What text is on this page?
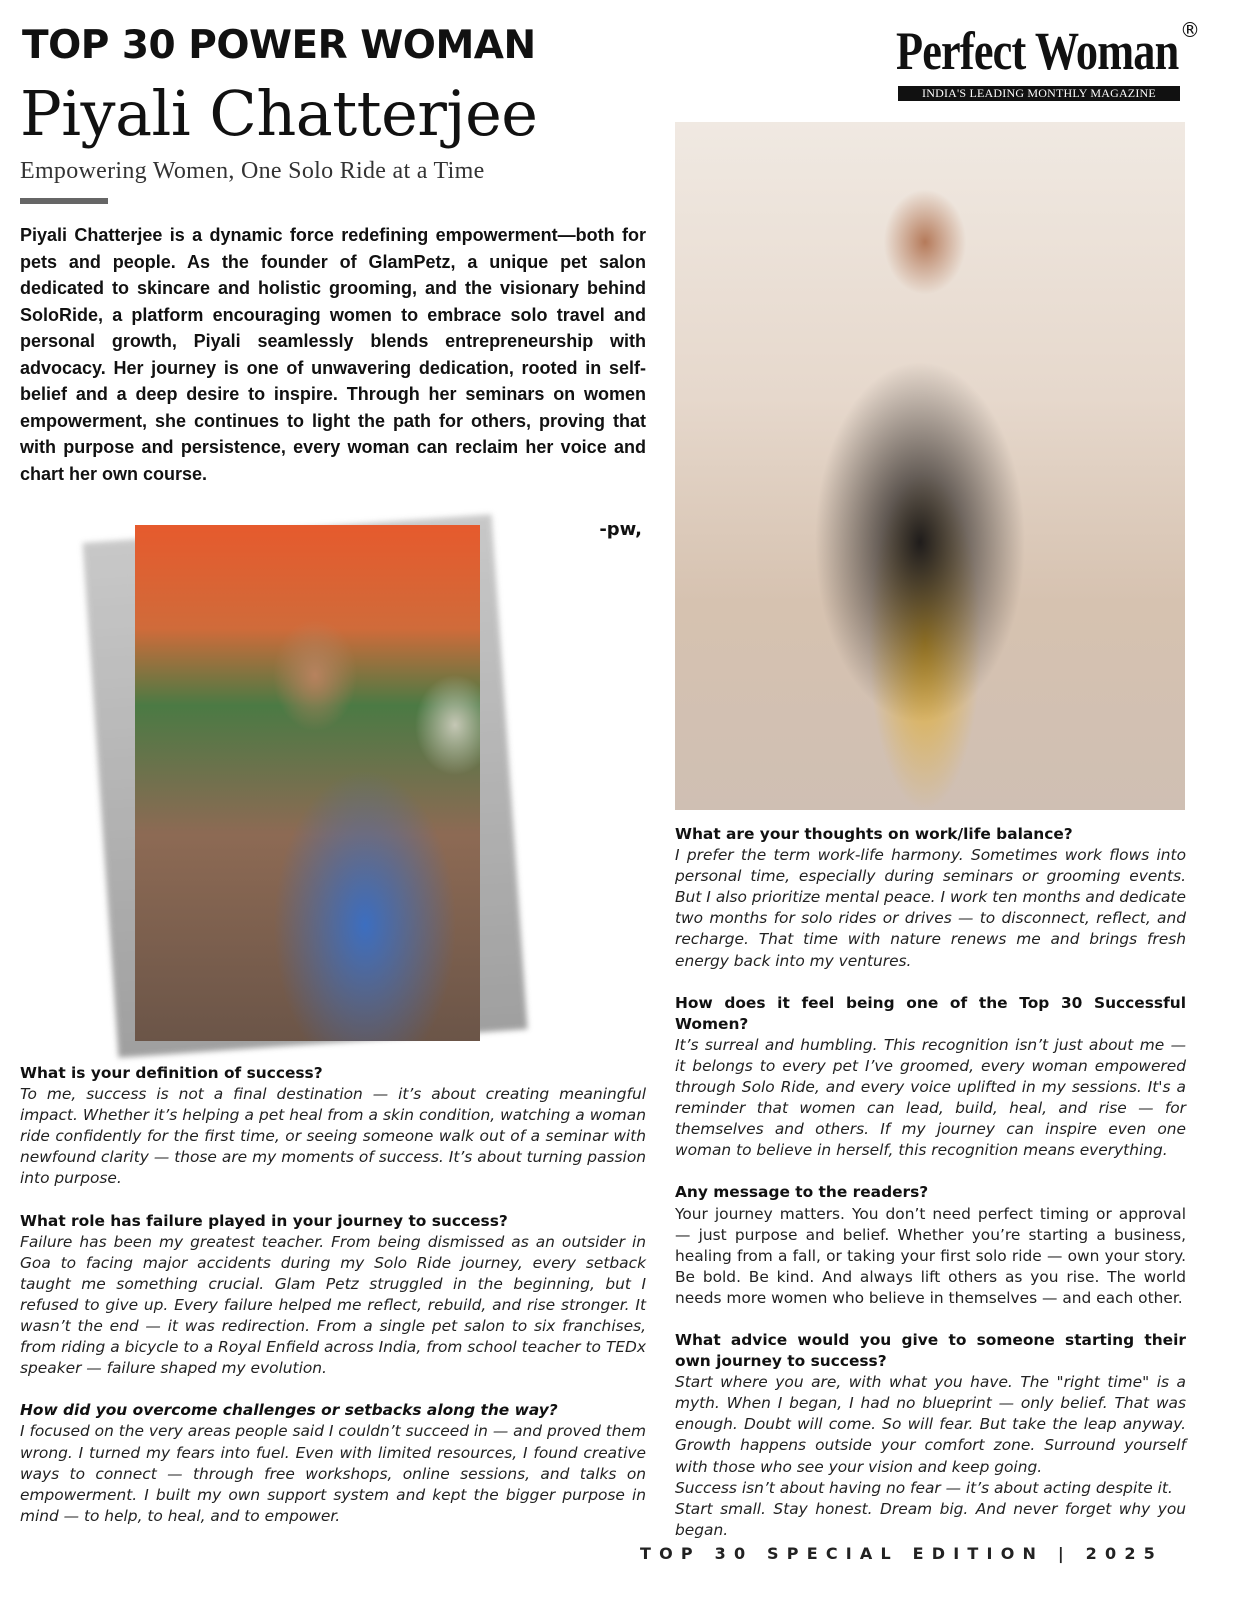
TOP 30 POWER WOMAN
Piyali Chatterjee
Empowering Women, One Solo Ride at a Time
Perfect Woman ®
INDIA'S LEADING MONTHLY MAGAZINE
Piyali Chatterjee is a dynamic force redefining empowerment—both for pets and people. As the founder of GlamPetz, a unique pet salon dedicated to skincare and holistic grooming, and the visionary behind SoloRide, a platform encouraging women to embrace solo travel and personal growth, Piyali seamlessly blends entrepreneurship with advocacy. Her journey is one of unwavering dedication, rooted in self-belief and a deep desire to inspire. Through her seminars on women empowerment, she continues to light the path for others, proving that with purpose and persistence, every woman can reclaim her voice and chart her own course.
-pw,
What is your definition of success?
To me, success is not a final destination — it’s about creating meaningful impact. Whether it’s helping a pet heal from a skin condition, watching a woman ride confidently for the first time, or seeing someone walk out of a seminar with newfound clarity — those are my moments of success. It’s about turning passion into purpose.
What role has failure played in your journey to success?
Failure has been my greatest teacher. From being dismissed as an outsider in Goa to facing major accidents during my Solo Ride journey, every setback taught me something crucial. Glam Petz struggled in the beginning, but I refused to give up. Every failure helped me reflect, rebuild, and rise stronger. It wasn’t the end — it was redirection. From a single pet salon to six franchises, from riding a bicycle to a Royal Enfield across India, from school teacher to TEDx speaker — failure shaped my evolution.
How did you overcome challenges or setbacks along the way?
I focused on the very areas people said I couldn’t succeed in — and proved them wrong. I turned my fears into fuel. Even with limited resources, I found creative ways to connect — through free workshops, online sessions, and talks on empowerment. I built my own support system and kept the bigger purpose in mind — to help, to heal, and to empower.
What are your thoughts on work/life balance?
I prefer the term work-life harmony. Sometimes work flows into personal time, especially during seminars or grooming events. But I also prioritize mental peace. I work ten months and dedicate two months for solo rides or drives — to disconnect, reflect, and recharge. That time with nature renews me and brings fresh energy back into my ventures.
How does it feel being one of the Top 30 Successful Women?
It’s surreal and humbling. This recognition isn’t just about me — it belongs to every pet I’ve groomed, every woman empowered through Solo Ride, and every voice uplifted in my sessions. It's a reminder that women can lead, build, heal, and rise — for themselves and others. If my journey can inspire even one woman to believe in herself, this recognition means everything.
Any message to the readers?
Your journey matters. You don’t need perfect timing or approval — just purpose and belief. Whether you’re starting a business, healing from a fall, or taking your first solo ride — own your story. Be bold. Be kind. And always lift others as you rise. The world needs more women who believe in themselves — and each other.
What advice would you give to someone starting their own journey to success?
Start where you are, with what you have. The "right time" is a myth. When I began, I had no blueprint — only belief. That was enough. Doubt will come. So will fear. But take the leap anyway. Growth happens outside your comfort zone. Surround yourself with those who see your vision and keep going.
Success isn’t about having no fear — it’s about acting despite it.
Start small. Stay honest. Dream big. And never forget why you began.
TOP 30 SPECIAL EDITION | 2025
